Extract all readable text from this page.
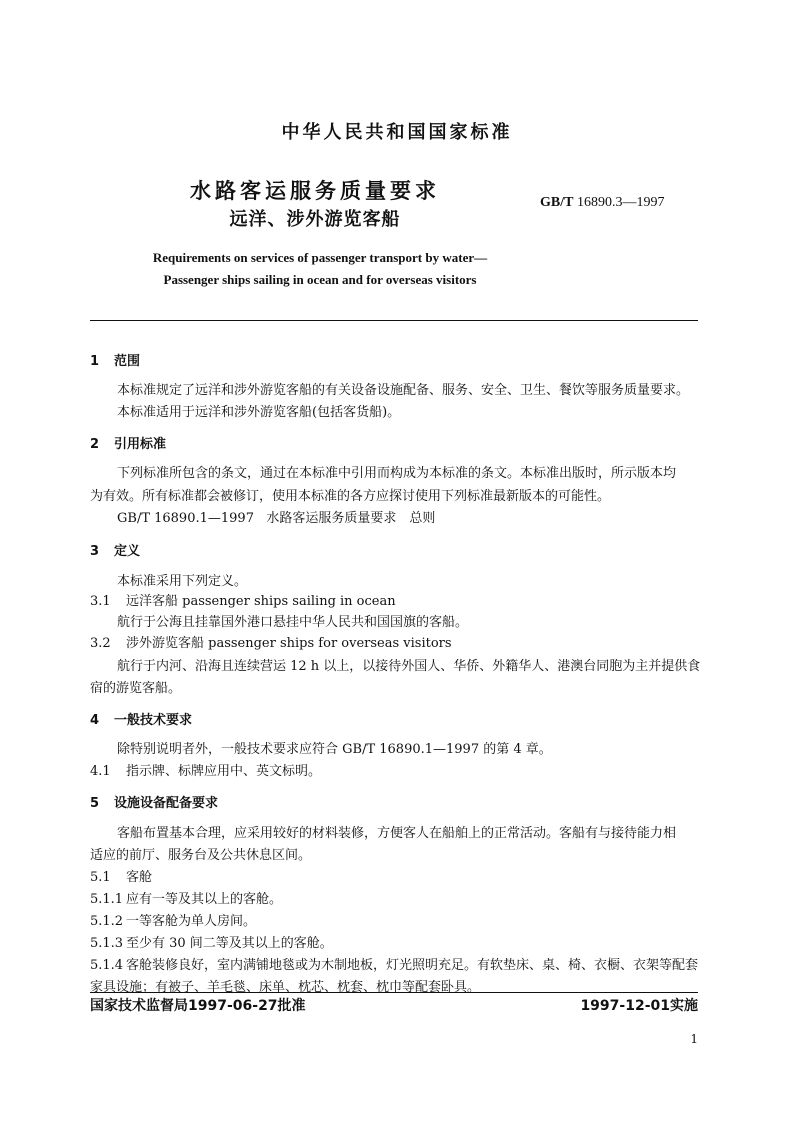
中华人民共和国国家标准
水路客运服务质量要求
远洋、涉外游览客船
GB/T 16890.3—1997
Requirements on services of passenger transport by water—
Passenger ships sailing in ocean and for overseas visitors
1 范围
本标准规定了远洋和涉外游览客船的有关设备设施配备、服务、安全、卫生、餐饮等服务质量要求。
本标准适用于远洋和涉外游览客船(包括客货船)。
2 引用标准
下列标准所包含的条文，通过在本标准中引用而构成为本标准的条文。本标准出版时，所示版本均
为有效。所有标准都会被修订，使用本标准的各方应探讨使用下列标准最新版本的可能性。
GB/T 16890.1—1997 水路客运服务质量要求　总则
3 定义
本标准采用下列定义。
3.1 远洋客船 passenger ships sailing in ocean
航行于公海且挂靠国外港口悬挂中华人民共和国国旗的客船。
3.2 涉外游览客船 passenger ships for overseas visitors
航行于内河、沿海且连续营运 12 h 以上，以接待外国人、华侨、外籍华人、港澳台同胞为主并提供食
宿的游览客船。
4 一般技术要求
除特别说明者外，一般技术要求应符合 GB/T 16890.1—1997 的第 4 章。
4.1 指示牌、标牌应用中、英文标明。
5 设施设备配备要求
客船布置基本合理，应采用较好的材料装修，方便客人在船舶上的正常活动。客船有与接待能力相
适应的前厅、服务台及公共休息区间。
5.1 客舱
5.1.1 应有一等及其以上的客舱。
5.1.2 一等客舱为单人房间。
5.1.3 至少有 30 间二等及其以上的客舱。
5.1.4 客舱装修良好，室内满铺地毯或为木制地板，灯光照明充足。有软垫床、桌、椅、衣橱、衣架等配套
家具设施；有被子、羊毛毯、床单、枕芯、枕套、枕巾等配套卧具。
国家技术监督局1997-06-27批准	1997-12-01实施
1
